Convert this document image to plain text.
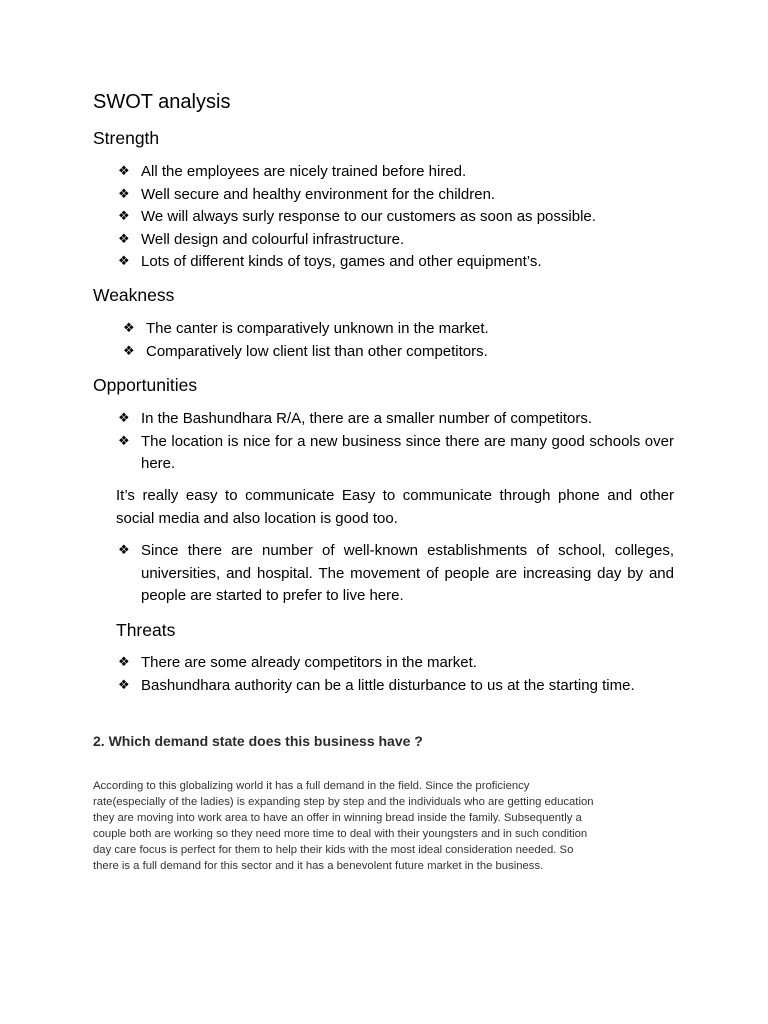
SWOT analysis
Strength
❖ All the employees are nicely trained before hired.
❖ Well secure and healthy environment for the children.
❖ We will always surly response to our customers as soon as possible.
❖ Well design and colourful infrastructure.
❖ Lots of different kinds of toys, games and other equipment’s.
Weakness
❖ The canter is comparatively unknown in the market.
❖ Comparatively low client list than other competitors.
Opportunities
❖ In the Bashundhara R/A, there are a smaller number of competitors.
❖ The location is nice for a new business since there are many good schools over here.

It’s really easy to communicate Easy to communicate through phone and other social media and also location is good too.

❖ Since there are number of well-known establishments of school, colleges, universities, and hospital. The movement of people are increasing day by and people are started to prefer to live here.
Threats
❖ There are some already competitors in the market.
❖ Bashundhara authority can be a little disturbance to us at the starting time.

2. Which demand state does this business have ?

According to this globalizing world it has a full demand in the field. Since the proficiency
rate(especially of the ladies) is expanding step by step and the individuals who are getting education
they are moving into work area to have an offer in winning bread inside the family. Subsequently a
couple both are working so they need more time to deal with their youngsters and in such condition
day care focus is perfect for them to help their kids with the most ideal consideration needed. So
there is a full demand for this sector and it has a benevolent future market in the business.
